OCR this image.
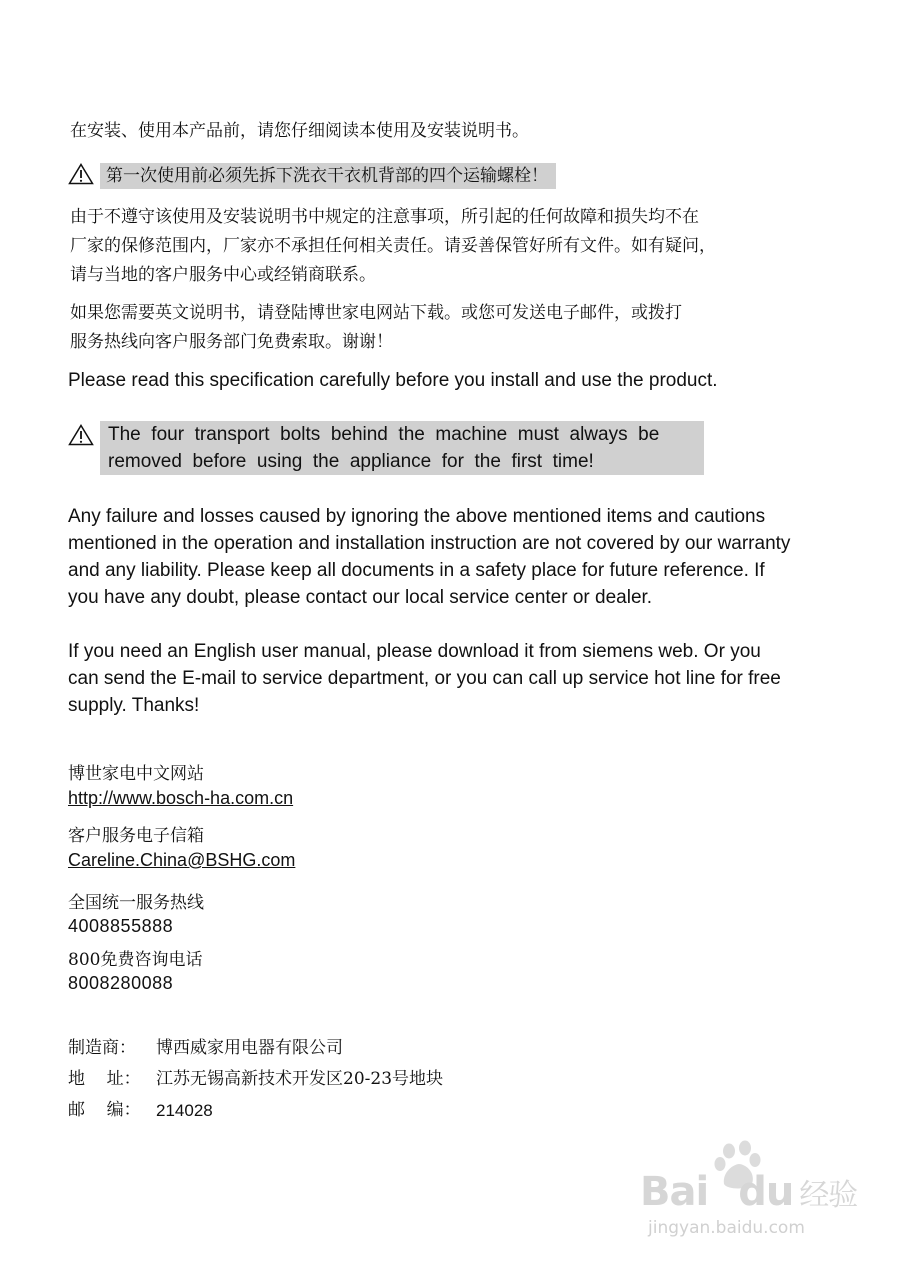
在安装、使用本产品前，请您仔细阅读本使用及安装说明书。
第一次使用前必须先拆下洗衣干衣机背部的四个运输螺栓！
由于不遵守该使用及安装说明书中规定的注意事项，所引起的任何故障和损失均不在
厂家的保修范围内，厂家亦不承担任何相关责任。请妥善保管好所有文件。如有疑问，
请与当地的客户服务中心或经销商联系。
如果您需要英文说明书，请登陆博世家电网站下载。或您可发送电子邮件，或拨打
服务热线向客户服务部门免费索取。谢谢！
Please read this specification carefully before you install and use the product.
The  four  transport  bolts  behind  the  machine  must  always  be
removed  before  using  the  appliance  for  the  first  time!
Any failure and losses caused by ignoring the above mentioned items and cautions
mentioned in the operation and installation instruction are not covered by our warranty
and any liability. Please keep all documents in a safety place for future reference. If
you have any doubt, please contact our local service center or dealer.
If you need an English user manual, please download it from siemens web. Or you
can send the E-mail to service department, or you can call up service hot line for free
supply. Thanks!
博世家电中文网站
http://www.bosch-ha.com.cn
客户服务电子信箱
Careline.China@BSHG.com
全国统一服务热线
4008855888
800免费咨询电话
8008280088
制造商：	博西威家用电器有限公司
地    址： 江苏无锡高新技术开发区20-23号地块
邮    编： 214028
Bai du 经验
jingyan.baidu.com
